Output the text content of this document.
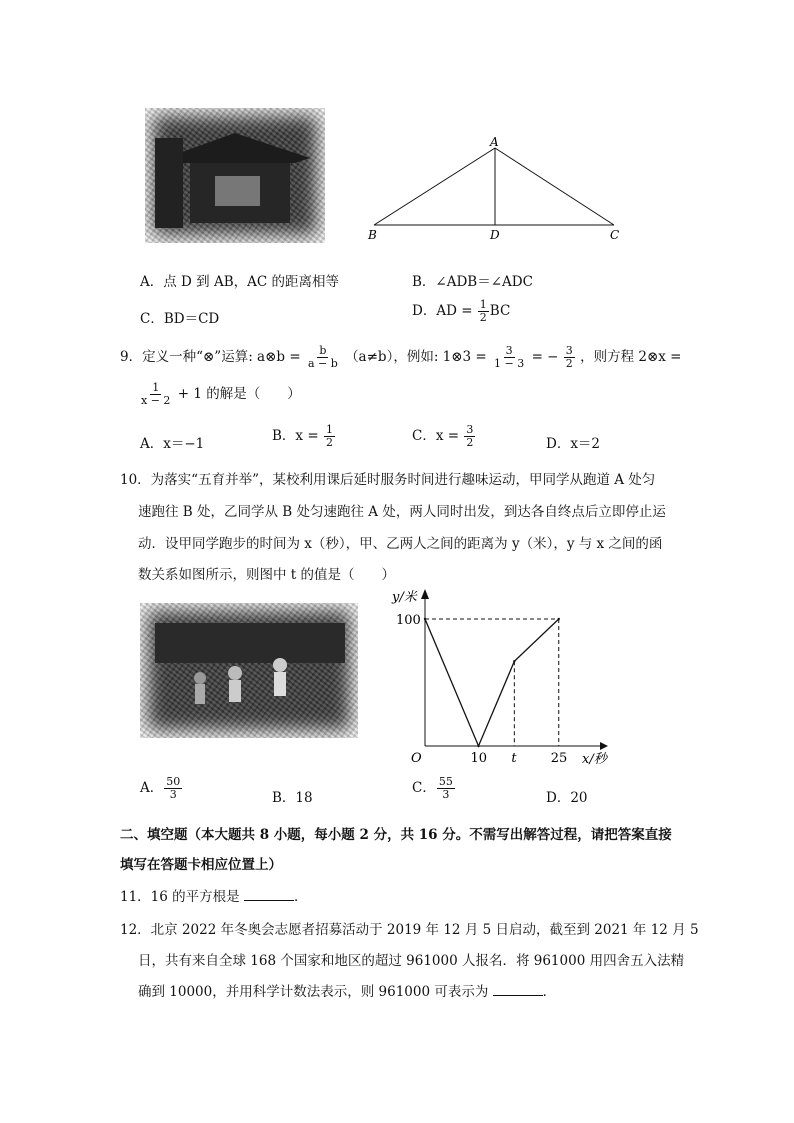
A
B	D	C
A．点 D 到 AB，AC 的距离相等	B．∠ADB＝∠ADC
C．BD＝CD	D．AD = $\frac{1}{2}$ BC
9．定义一种“⊗”运算: a⊗b = $\frac{b}{a - b} (a\ne b)$，例如: 1⊗3 = $\frac{3}{1 - 3}$ = − $\frac{3}{2}$ ，则方程 2⊗x =
$\frac{1}{x - 2} + 1$ 的解是（　　）
A．x＝−1	B．$x = \frac{1}{2}$	C．$x = \frac{3}{2}$	D．x＝2
10．为落实“五育并举”，某校利用课后延时服务时间进行趣味运动，甲同学从跑道 A 处匀
速跑往 B 处，乙同学从 B 处匀速跑往 A 处，两人同时出发，到达各自终点后立即停止运
动．设甲同学跑步的时间为 x（秒），甲、乙两人之间的距离为 y（米），y 与 x 之间的函
数关系如图所示，则图中 t 的值是（　　）
y/米
x/秒
O
100
10 t	25
A． $\frac{50}{3}$	B．18
C． $\frac{55}{3}$	D．20
二、填空题（本大题共 8 小题，每小题 2 分，共 16 分。不需写出解答过程，请把答案直接
填写在答题卡相应位置上）
11．16 的平方根是	．
12．北京 2022 年冬奥会志愿者招募活动于 2019 年 12 月 5 日启动，截至到 2021 年 12 月 5
日，共有来自全球 168 个国家和地区的超过 961000 人报名．将 961000 用四舍五入法精
确到 10000，并用科学计数法表示，则 961000 可表示为	．
